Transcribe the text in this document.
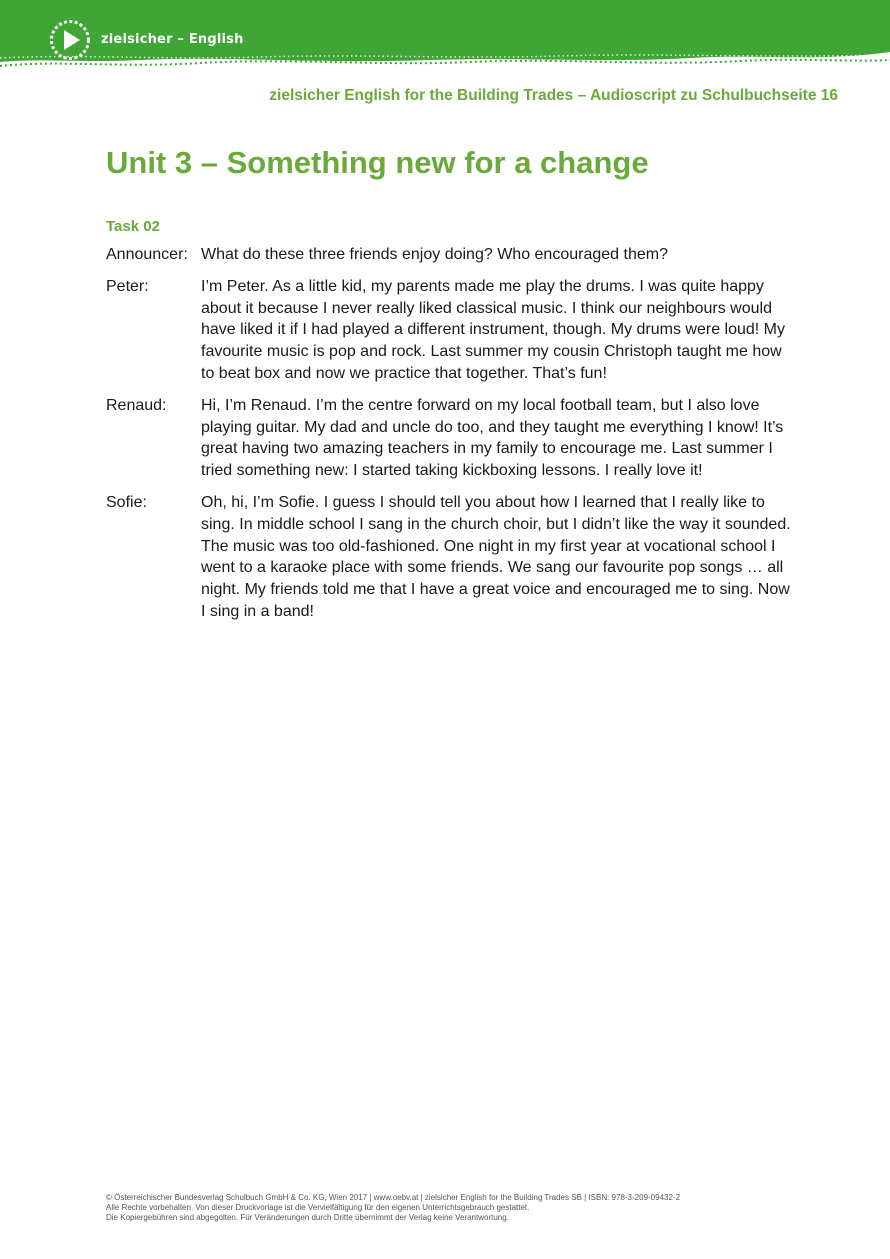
zielsicher – English
zielsicher English for the Building Trades – Audioscript zu Schulbuchseite 16
Unit 3 – Something new for a change
Task 02
Announcer: What do these three friends enjoy doing? Who encouraged them?
Peter:	I’m Peter. As a little kid, my parents made me play the drums. I was quite happy about it because I never really liked classical music. I think our neighbours would have liked it if I had played a different instrument, though. My drums were loud! My favourite music is pop and rock. Last summer my cousin Christoph taught me how to beat box and now we practice that together. That’s fun!
Renaud:	Hi, I’m Renaud. I’m the centre forward on my local football team, but I also love playing guitar. My dad and uncle do too, and they taught me everything I know! It’s great having two amazing teachers in my family to encourage me. Last summer I tried something new: I started taking kickboxing lessons. I really love it!
Sofie:	Oh, hi, I’m Sofie. I guess I should tell you about how I learned that I really like to sing. In middle school I sang in the church choir, but I didn’t like the way it sounded. The music was too old-fashioned. One night in my first year at vocational school I went to a karaoke place with some friends. We sang our favourite pop songs … all night. My friends told me that I have a great voice and encouraged me to sing. Now I sing in a band!
© Österreichischer Bundesverlag Schulbuch GmbH & Co. KG, Wien 2017 | www.oebv.at | zielsicher English for the Building Trades SB | ISBN: 978-3-209-09432-2
Alle Rechte vorbehalten. Von dieser Druckvorlage ist die Vervielfältigung für den eigenen Unterrichtsgebrauch gestattet.
Die Kopiergebühren sind abgegolten. Für Veränderungen durch Dritte übernimmt der Verlag keine Verantwortung.
